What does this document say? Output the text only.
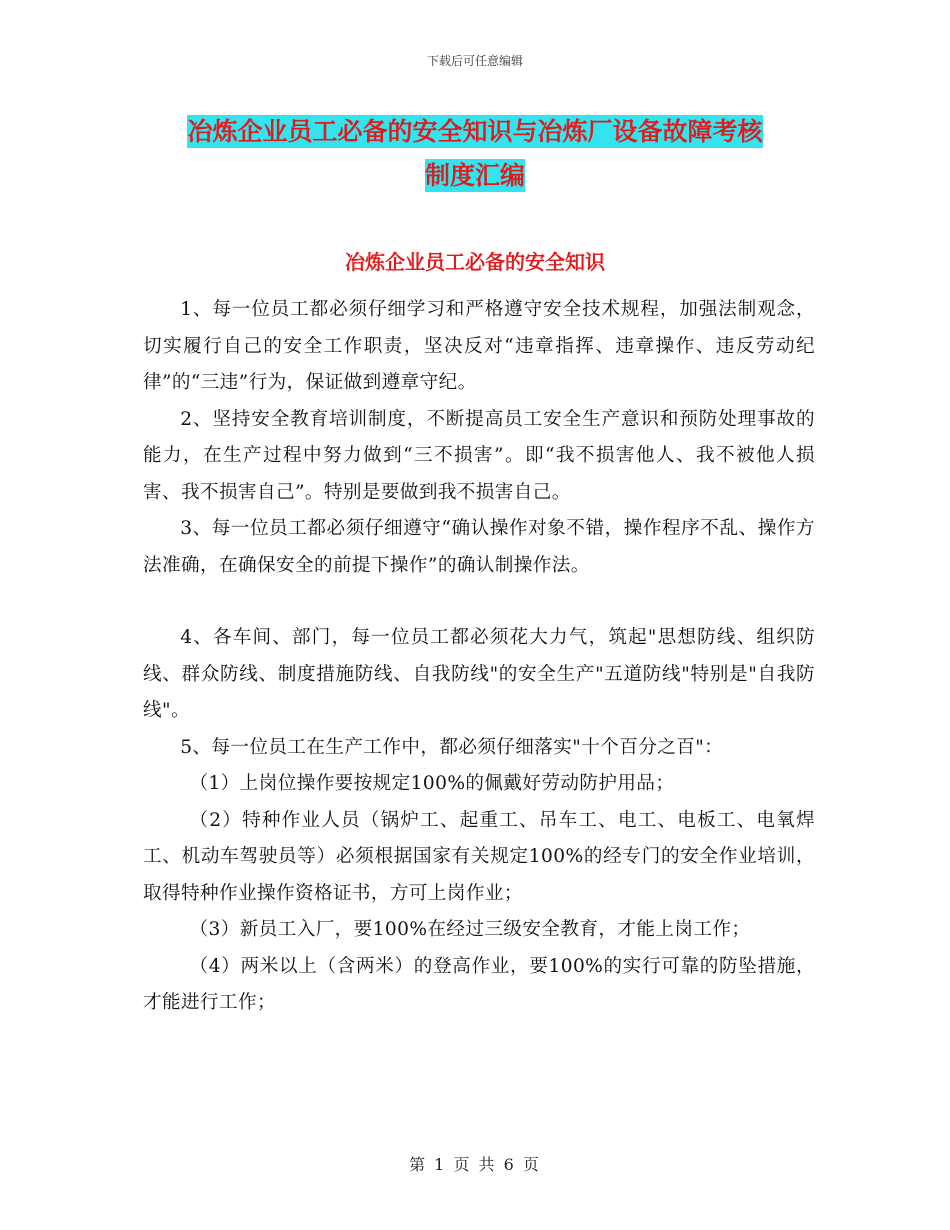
下载后可任意编辑
冶炼企业员工必备的安全知识与冶炼厂设备故障考核
制度汇编
冶炼企业员工必备的安全知识

1、每一位员工都必须仔细学习和严格遵守安全技术规程，加强法制观念，切实履行自己的安全工作职责，坚决反对“违章指挥、违章操作、违反劳动纪律”的“三违”行为，保证做到遵章守纪。

2、坚持安全教育培训制度，不断提高员工安全生产意识和预防处理事故的能力，在生产过程中努力做到“三不损害”。即“我不损害他人、我不被他人损害、我不损害自己”。特别是要做到我不损害自己。

3、每一位员工都必须仔细遵守“确认操作对象不错，操作程序不乱、操作方法准确，在确保安全的前提下操作”的确认制操作法。

4、各车间、部门，每一位员工都必须花大力气，筑起"思想防线、组织防线、群众防线、制度措施防线、自我防线"的安全生产"五道防线"特别是"自我防线"。

5、每一位员工在生产工作中，都必须仔细落实"十个百分之百"：

（1）上岗位操作要按规定100%的佩戴好劳动防护用品；

（2）特种作业人员（锅炉工、起重工、吊车工、电工、电板工、电氧焊工、机动车驾驶员等）必须根据国家有关规定100%的经专门的安全作业培训，取得特种作业操作资格证书，方可上岗作业；

（3）新员工入厂，要100%在经过三级安全教育，才能上岗工作；

（4）两米以上（含两米）的登高作业，要100%的实行可靠的防坠措施，才能进行工作；

第 1 页 共 6 页
